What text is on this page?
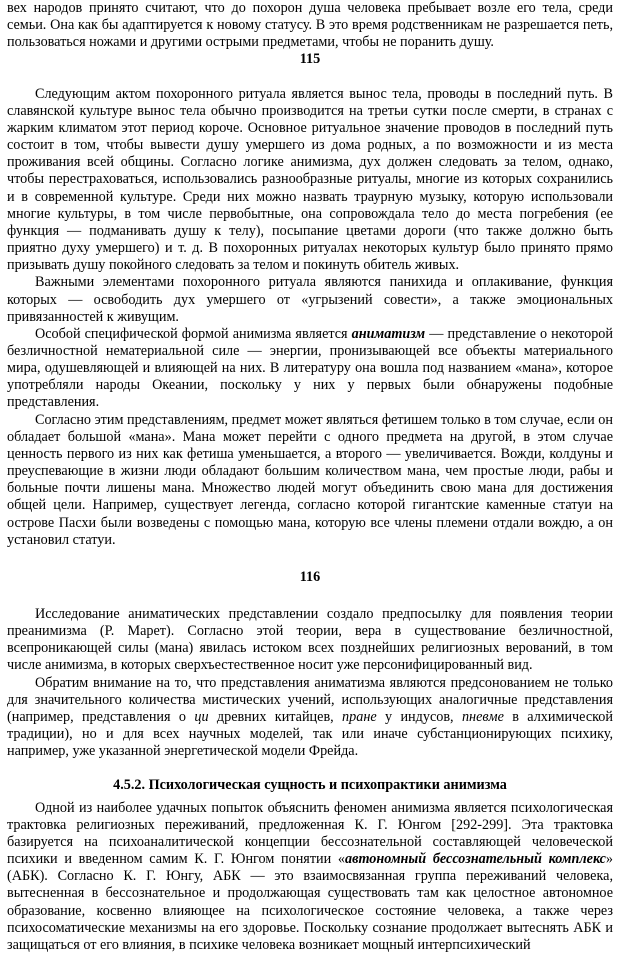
вех народов принято считают, что до похорон душа человека пребывает возле его тела, среди семьи. Она как бы адаптируется к новому статусу. В это время родственникам не разрешается петь, пользоваться ножами и другими острыми предметами, чтобы не поранить душу.

115

Следующим актом похоронного ритуала является вынос тела, проводы в последний путь. В славянской культуре вынос тела обычно производится на третьи сутки после смерти, в странах с жарким климатом этот период короче. Основное ритуальное значение проводов в последний путь состоит в том, чтобы вывести душу умершего из дома родных, а по возможности и из места проживания всей общины. Согласно логике анимизма, дух должен следовать за телом, однако, чтобы перестраховаться, использовались разнообразные ритуалы, многие из которых сохранились и в современной культуре. Среди них можно назвать траурную музыку, которую использовали многие культуры, в том числе первобытные, она сопровождала тело до места погребения (ее функция — подманивать душу к телу), посыпание цветами дороги (что также должно быть приятно духу умершего) и т. д. В похоронных ритуалах некоторых культур было принято прямо призывать душу покойного следовать за телом и покинуть обитель живых.

Важными элементами похоронного ритуала являются панихида и оплакивание, функция которых — освободить дух умершего от «угрызений совести», а также эмоциональных привязанностей к живущим.

Особой специфической формой анимизма является аниматизм — представление о некоторой безличностной нематериальной силе — энергии, пронизывающей все объекты материального мира, одушевляющей и влияющей на них. В литературу она вошла под названием «мана», которое употребляли народы Океании, поскольку у них у первых были обнаружены подобные представления.

Согласно этим представлениям, предмет может являться фетишем только в том случае, если он обладает большой «мана». Мана может перейти с одного предмета на другой, в этом случае ценность первого из них как фетиша уменьшается, а второго — увеличивается. Вожди, колдуны и преуспевающие в жизни люди обладают большим количеством мана, чем простые люди, рабы и больные почти лишены мана. Множество людей могут объединить свою мана для достижения общей цели. Например, существует легенда, согласно которой гигантские каменные статуи на острове Пасхи были возведены с помощью мана, которую все члены племени отдали вождю, а он установил статуи.

116

Исследование аниматических представлении создало предпосылку для появления теории преанимизма (Р. Марет). Согласно этой теории, вера в существование безличностной, всепроникающей силы (мана) явилась истоком всех позднейших религиозных верований, в том числе анимизма, в которых сверхъестественное носит уже персонифицированный вид.

Обратим внимание на то, что представления аниматизма являются предсонованием не только для значительного количества мистических учений, использующих аналогичные представления (например, представления о ци древних китайцев, пране у индусов, пневме в алхимической традиции), но и для всех научных моделей, так или иначе субстанционирующих психику, например, уже указанной энергетической модели Фрейда.

4.5.2. Психологическая сущность и психопрактики анимизма

Одной из наиболее удачных попыток объяснить феномен анимизма является психологическая трактовка религиозных переживаний, предложенная К. Г. Юнгом [292-299]. Эта трактовка базируется на психоаналитической концепции бессознательной составляющей человеческой психики и введенном самим К. Г. Юнгом понятии «автономный бессознательный комплекс» (АБК). Согласно К. Г. Юнгу, АБК — это взаимосвязанная группа переживаний человека, вытесненная в бессознательное и продолжающая существовать там как целостное автономное образование, косвенно влияющее на психологическое состояние человека, а также через психосоматические механизмы на его здоровье. Поскольку сознание продолжает вытеснять АБК и защищаться от его влияния, в психике человека возникает мощный интерпсихический
